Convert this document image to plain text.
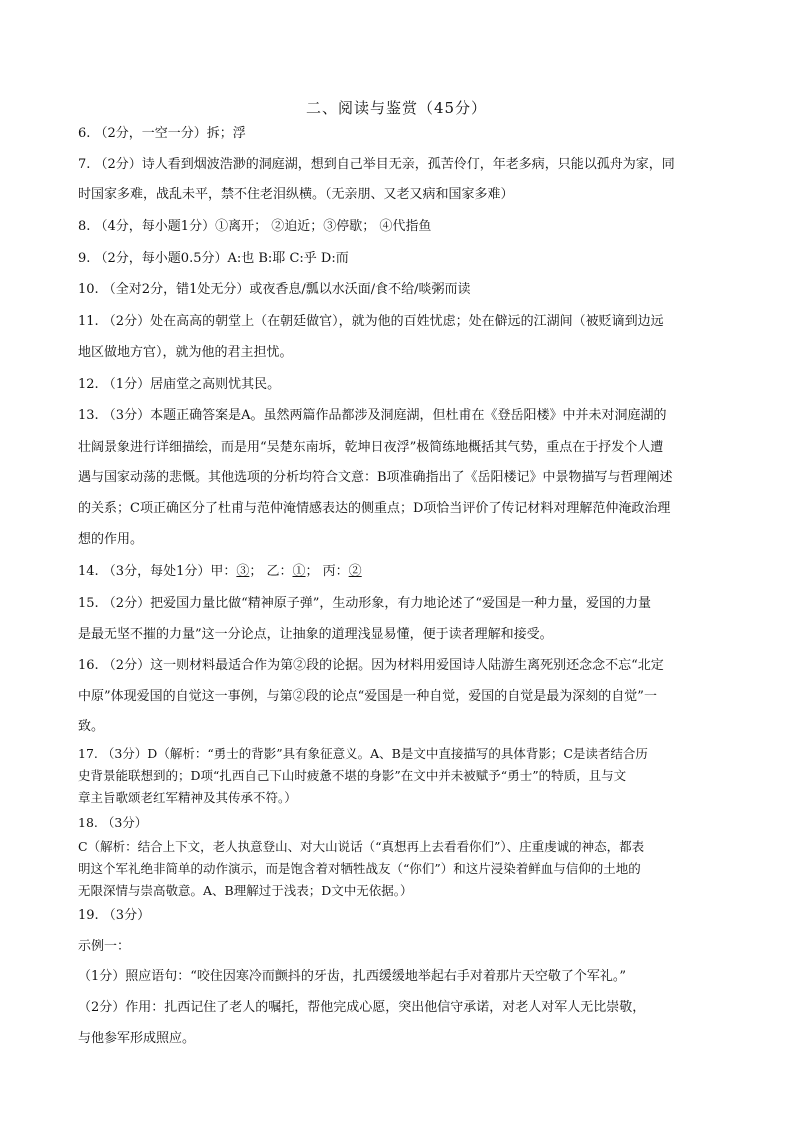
二、阅读与鉴赏（45分）
6. （2分，一空一分）拆；浮
7. （2分）诗人看到烟波浩渺的洞庭湖，想到自己举目无亲，孤苦伶仃，年老多病，只能以孤舟为家，同
时国家多难，战乱未平，禁不住老泪纵横。（无亲朋、又老又病和国家多难）
8. （4分，每小题1分）①离开； ②迫近；③停歇； ④代指鱼
9. （2分，每小题0.5分）A:也 B:耶 C:乎 D:而
10. （全对2分，错1处无分）或夜香息/瓢以水沃面/食不给/啖粥而读
11. （2分）处在高高的朝堂上（在朝廷做官），就为他的百姓忧虑；处在僻远的江湖间（被贬谪到边远
地区做地方官），就为他的君主担忧。
12. （1分）居庙堂之高则忧其民。
13. （3分）本题正确答案是A。虽然两篇作品都涉及洞庭湖，但杜甫在《登岳阳楼》中并未对洞庭湖的
壮阔景象进行详细描绘，而是用“吴楚东南坼，乾坤日夜浮”极简练地概括其气势，重点在于抒发个人遭
遇与国家动荡的悲慨。其他选项的分析均符合文意：B项准确指出了《岳阳楼记》中景物描写与哲理阐述
的关系；C项正确区分了杜甫与范仲淹情感表达的侧重点；D项恰当评价了传记材料对理解范仲淹政治理
想的作用。
14. （3分，每处1分）甲：③； 乙：①； 丙：②
15. （2分）把爱国力量比做“精神原子弹”，生动形象，有力地论述了“爱国是一种力量，爱国的力量
是最无坚不摧的力量”这一分论点，让抽象的道理浅显易懂，便于读者理解和接受。
16. （2分）这一则材料最适合作为第②段的论据。因为材料用爱国诗人陆游生离死别还念念不忘“北定
中原”体现爱国的自觉这一事例，与第②段的论点“爱国是一种自觉，爱国的自觉是最为深刻的自觉”一
致。
17. （3分）D（解析：“勇士的背影”具有象征意义。A、B是文中直接描写的具体背影；C是读者结合历
史背景能联想到的；D项“扎西自己下山时疲惫不堪的身影”在文中并未被赋予“勇士”的特质，且与文
章主旨歌颂老红军精神及其传承不符。）
18. （3分）
C（解析：结合上下文，老人执意登山、对大山说话（“真想再上去看看你们”）、庄重虔诚的神态，都表
明这个军礼绝非简单的动作演示，而是饱含着对牺牲战友（“你们”）和这片浸染着鲜血与信仰的土地的
无限深情与崇高敬意。A、B理解过于浅表；D文中无依据。）
19. （3分）
示例一：
（1分）照应语句：“咬住因寒冷而颤抖的牙齿，扎西缓缓地举起右手对着那片天空敬了个军礼。”
（2分）作用：扎西记住了老人的嘱托，帮他完成心愿，突出他信守承诺，对老人对军人无比崇敬，
与他参军形成照应。
